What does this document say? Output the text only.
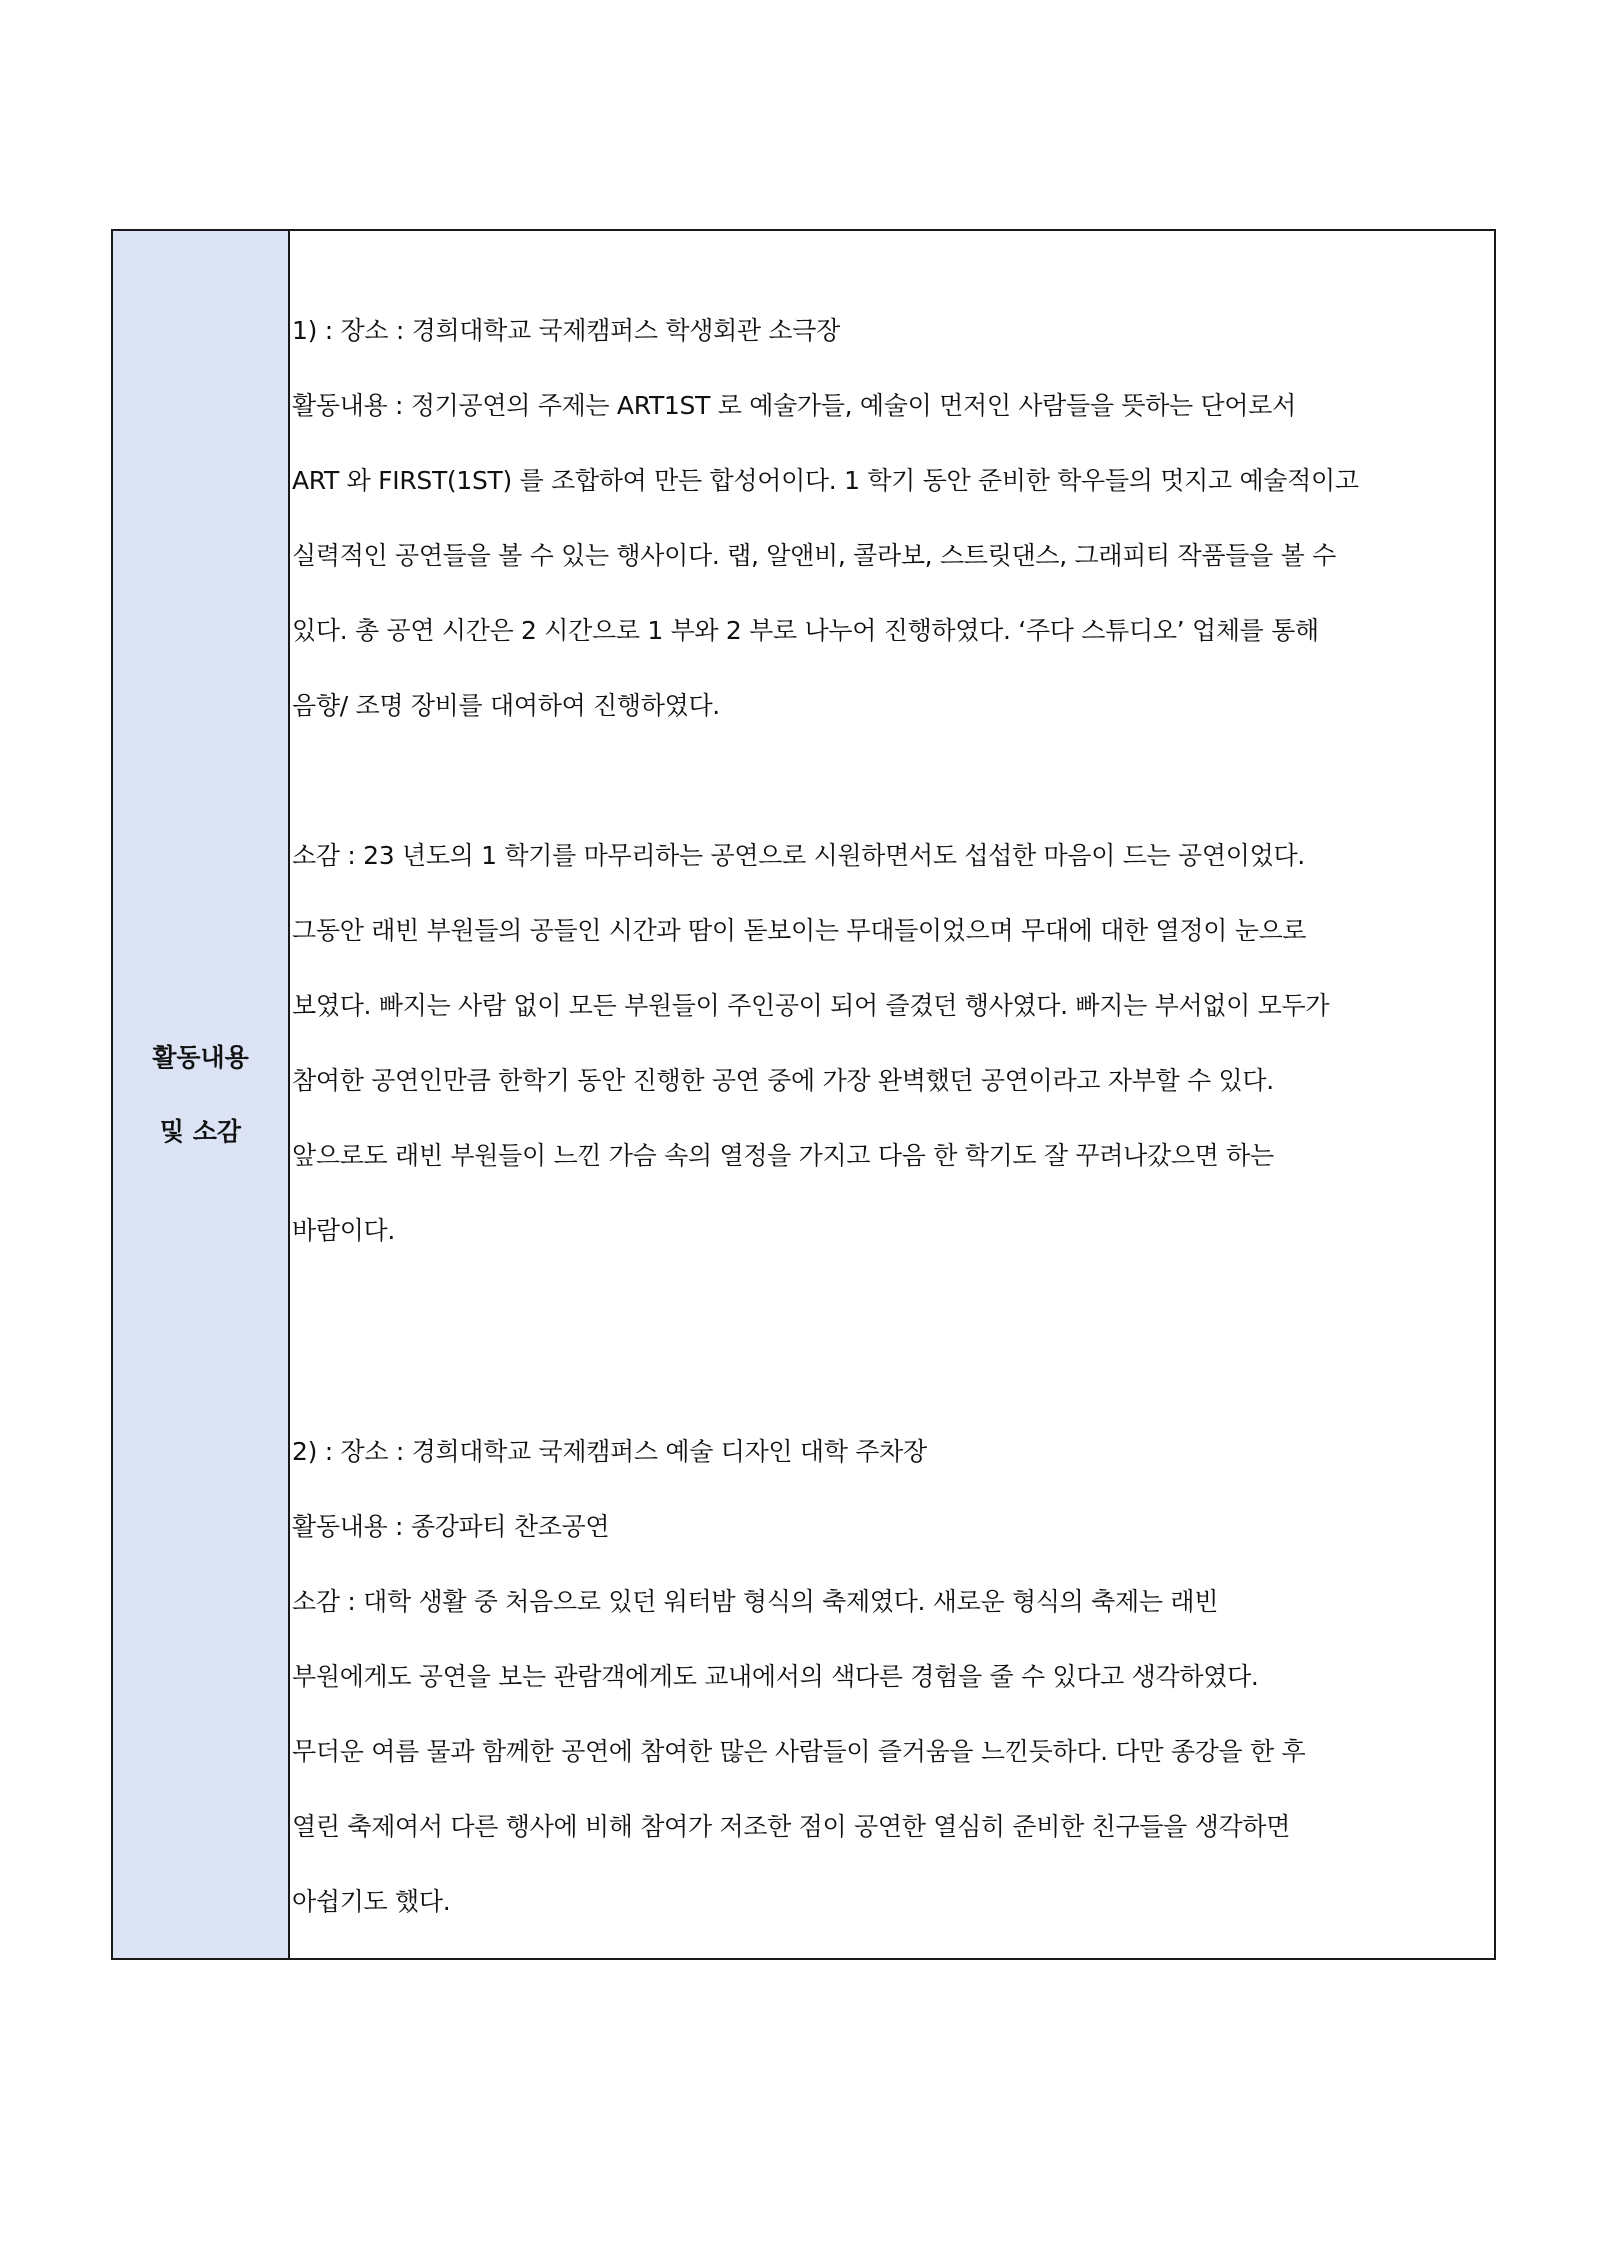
활동내용
및 소감
1) : 장소 : 경희대학교 국제캠퍼스 학생회관 소극장
활동내용 : 정기공연의 주제는 ART1ST 로 예술가들, 예술이 먼저인 사람들을 뜻하는 단어로서
ART 와 FIRST(1ST) 를 조합하여 만든 합성어이다. 1 학기 동안 준비한 학우들의 멋지고 예술적이고
실력적인 공연들을 볼 수 있는 행사이다. 랩, 알앤비, 콜라보, 스트릿댄스, 그래피티 작품들을 볼 수
있다. 총 공연 시간은 2 시간으로 1 부와 2 부로 나누어 진행하였다. ‘주다 스튜디오’ 업체를 통해
음향/ 조명 장비를 대여하여 진행하였다.
소감 : 23 년도의 1 학기를 마무리하는 공연으로 시원하면서도 섭섭한 마음이 드는 공연이었다.
그동안 래빈 부원들의 공들인 시간과 땀이 돋보이는 무대들이었으며 무대에 대한 열정이 눈으로
보였다. 빠지는 사람 없이 모든 부원들이 주인공이 되어 즐겼던 행사였다. 빠지는 부서없이 모두가
참여한 공연인만큼 한학기 동안 진행한 공연 중에 가장 완벽했던 공연이라고 자부할 수 있다.
앞으로도 래빈 부원들이 느낀 가슴 속의 열정을 가지고 다음 한 학기도 잘 꾸려나갔으면 하는
바람이다.
2) : 장소 : 경희대학교 국제캠퍼스 예술 디자인 대학 주차장
활동내용 : 종강파티 찬조공연
소감 : 대학 생활 중 처음으로 있던 워터밤 형식의 축제였다. 새로운 형식의 축제는 래빈
부원에게도 공연을 보는 관람객에게도 교내에서의 색다른 경험을 줄 수 있다고 생각하였다.
무더운 여름 물과 함께한 공연에 참여한 많은 사람들이 즐거움을 느낀듯하다. 다만 종강을 한 후
열린 축제여서 다른 행사에 비해 참여가 저조한 점이 공연한 열심히 준비한 친구들을 생각하면
아쉽기도 했다.
